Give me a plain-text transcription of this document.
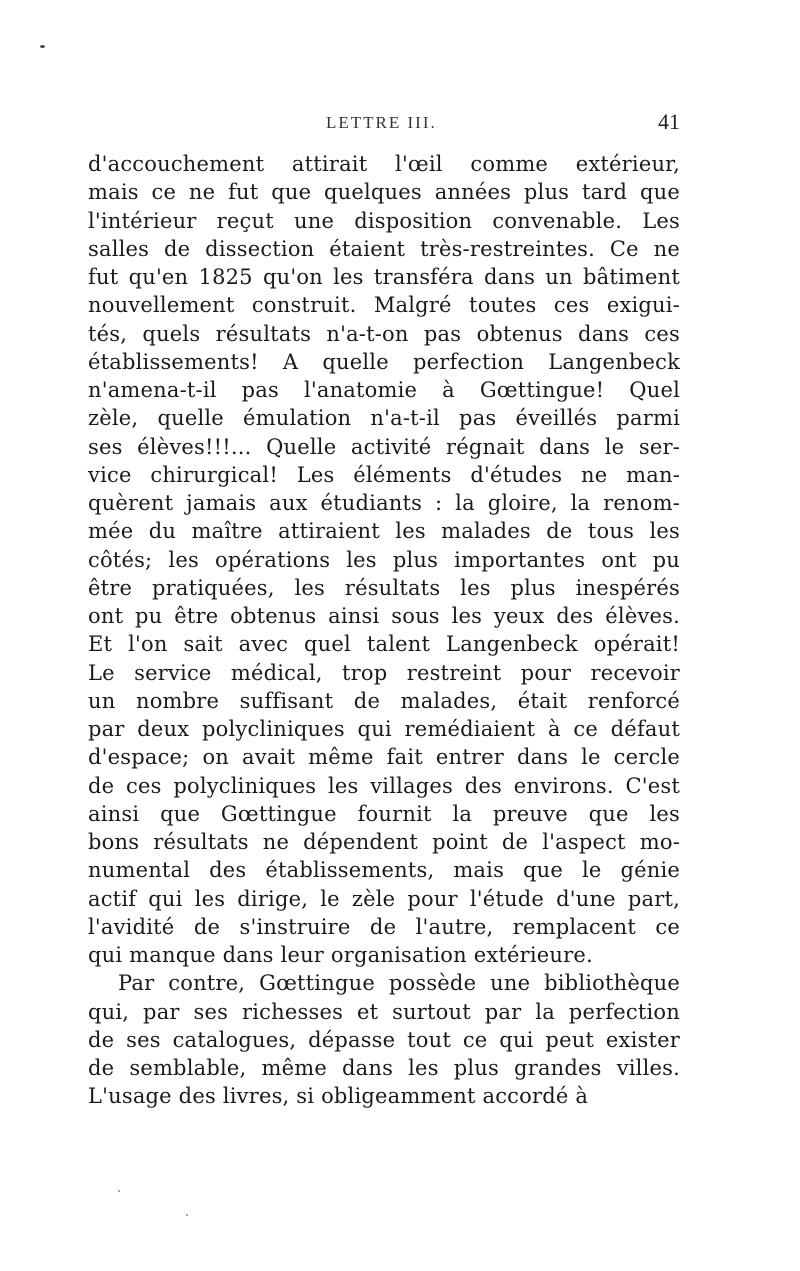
LETTRE III.	41
d'accouchement attirait l'œil comme extérieur,
mais ce ne fut que quelques années plus tard que
l'intérieur reçut une disposition convenable. Les
salles de dissection étaient très-restreintes. Ce ne
fut qu'en 1825 qu'on les transféra dans un bâtiment
nouvellement construit. Malgré toutes ces exigui-
tés, quels résultats n'a-t-on pas obtenus dans ces
établissements! A quelle perfection Langenbeck
n'amena-t-il pas l'anatomie à Gœttingue! Quel
zèle, quelle émulation n'a-t-il pas éveillés parmi
ses élèves!!!... Quelle activité régnait dans le ser-
vice chirurgical! Les éléments d'études ne man-
quèrent jamais aux étudiants : la gloire, la renom-
mée du maître attiraient les malades de tous les
côtés; les opérations les plus importantes ont pu
être pratiquées, les résultats les plus inespérés
ont pu être obtenus ainsi sous les yeux des élèves.
Et l'on sait avec quel talent Langenbeck opérait!
Le service médical, trop restreint pour recevoir
un nombre suffisant de malades, était renforcé
par deux polycliniques qui remédiaient à ce défaut
d'espace; on avait même fait entrer dans le cercle
de ces polycliniques les villages des environs. C'est
ainsi que Gœttingue fournit la preuve que les
bons résultats ne dépendent point de l'aspect mo-
numental des établissements, mais que le génie
actif qui les dirige, le zèle pour l'étude d'une part,
l'avidité de s'instruire de l'autre, remplacent ce
qui manque dans leur organisation extérieure.
Par contre, Gœttingue possède une bibliothèque
qui, par ses richesses et surtout par la perfection
de ses catalogues, dépasse tout ce qui peut exister
de semblable, même dans les plus grandes villes.
L'usage des livres, si obligeamment accordé à
